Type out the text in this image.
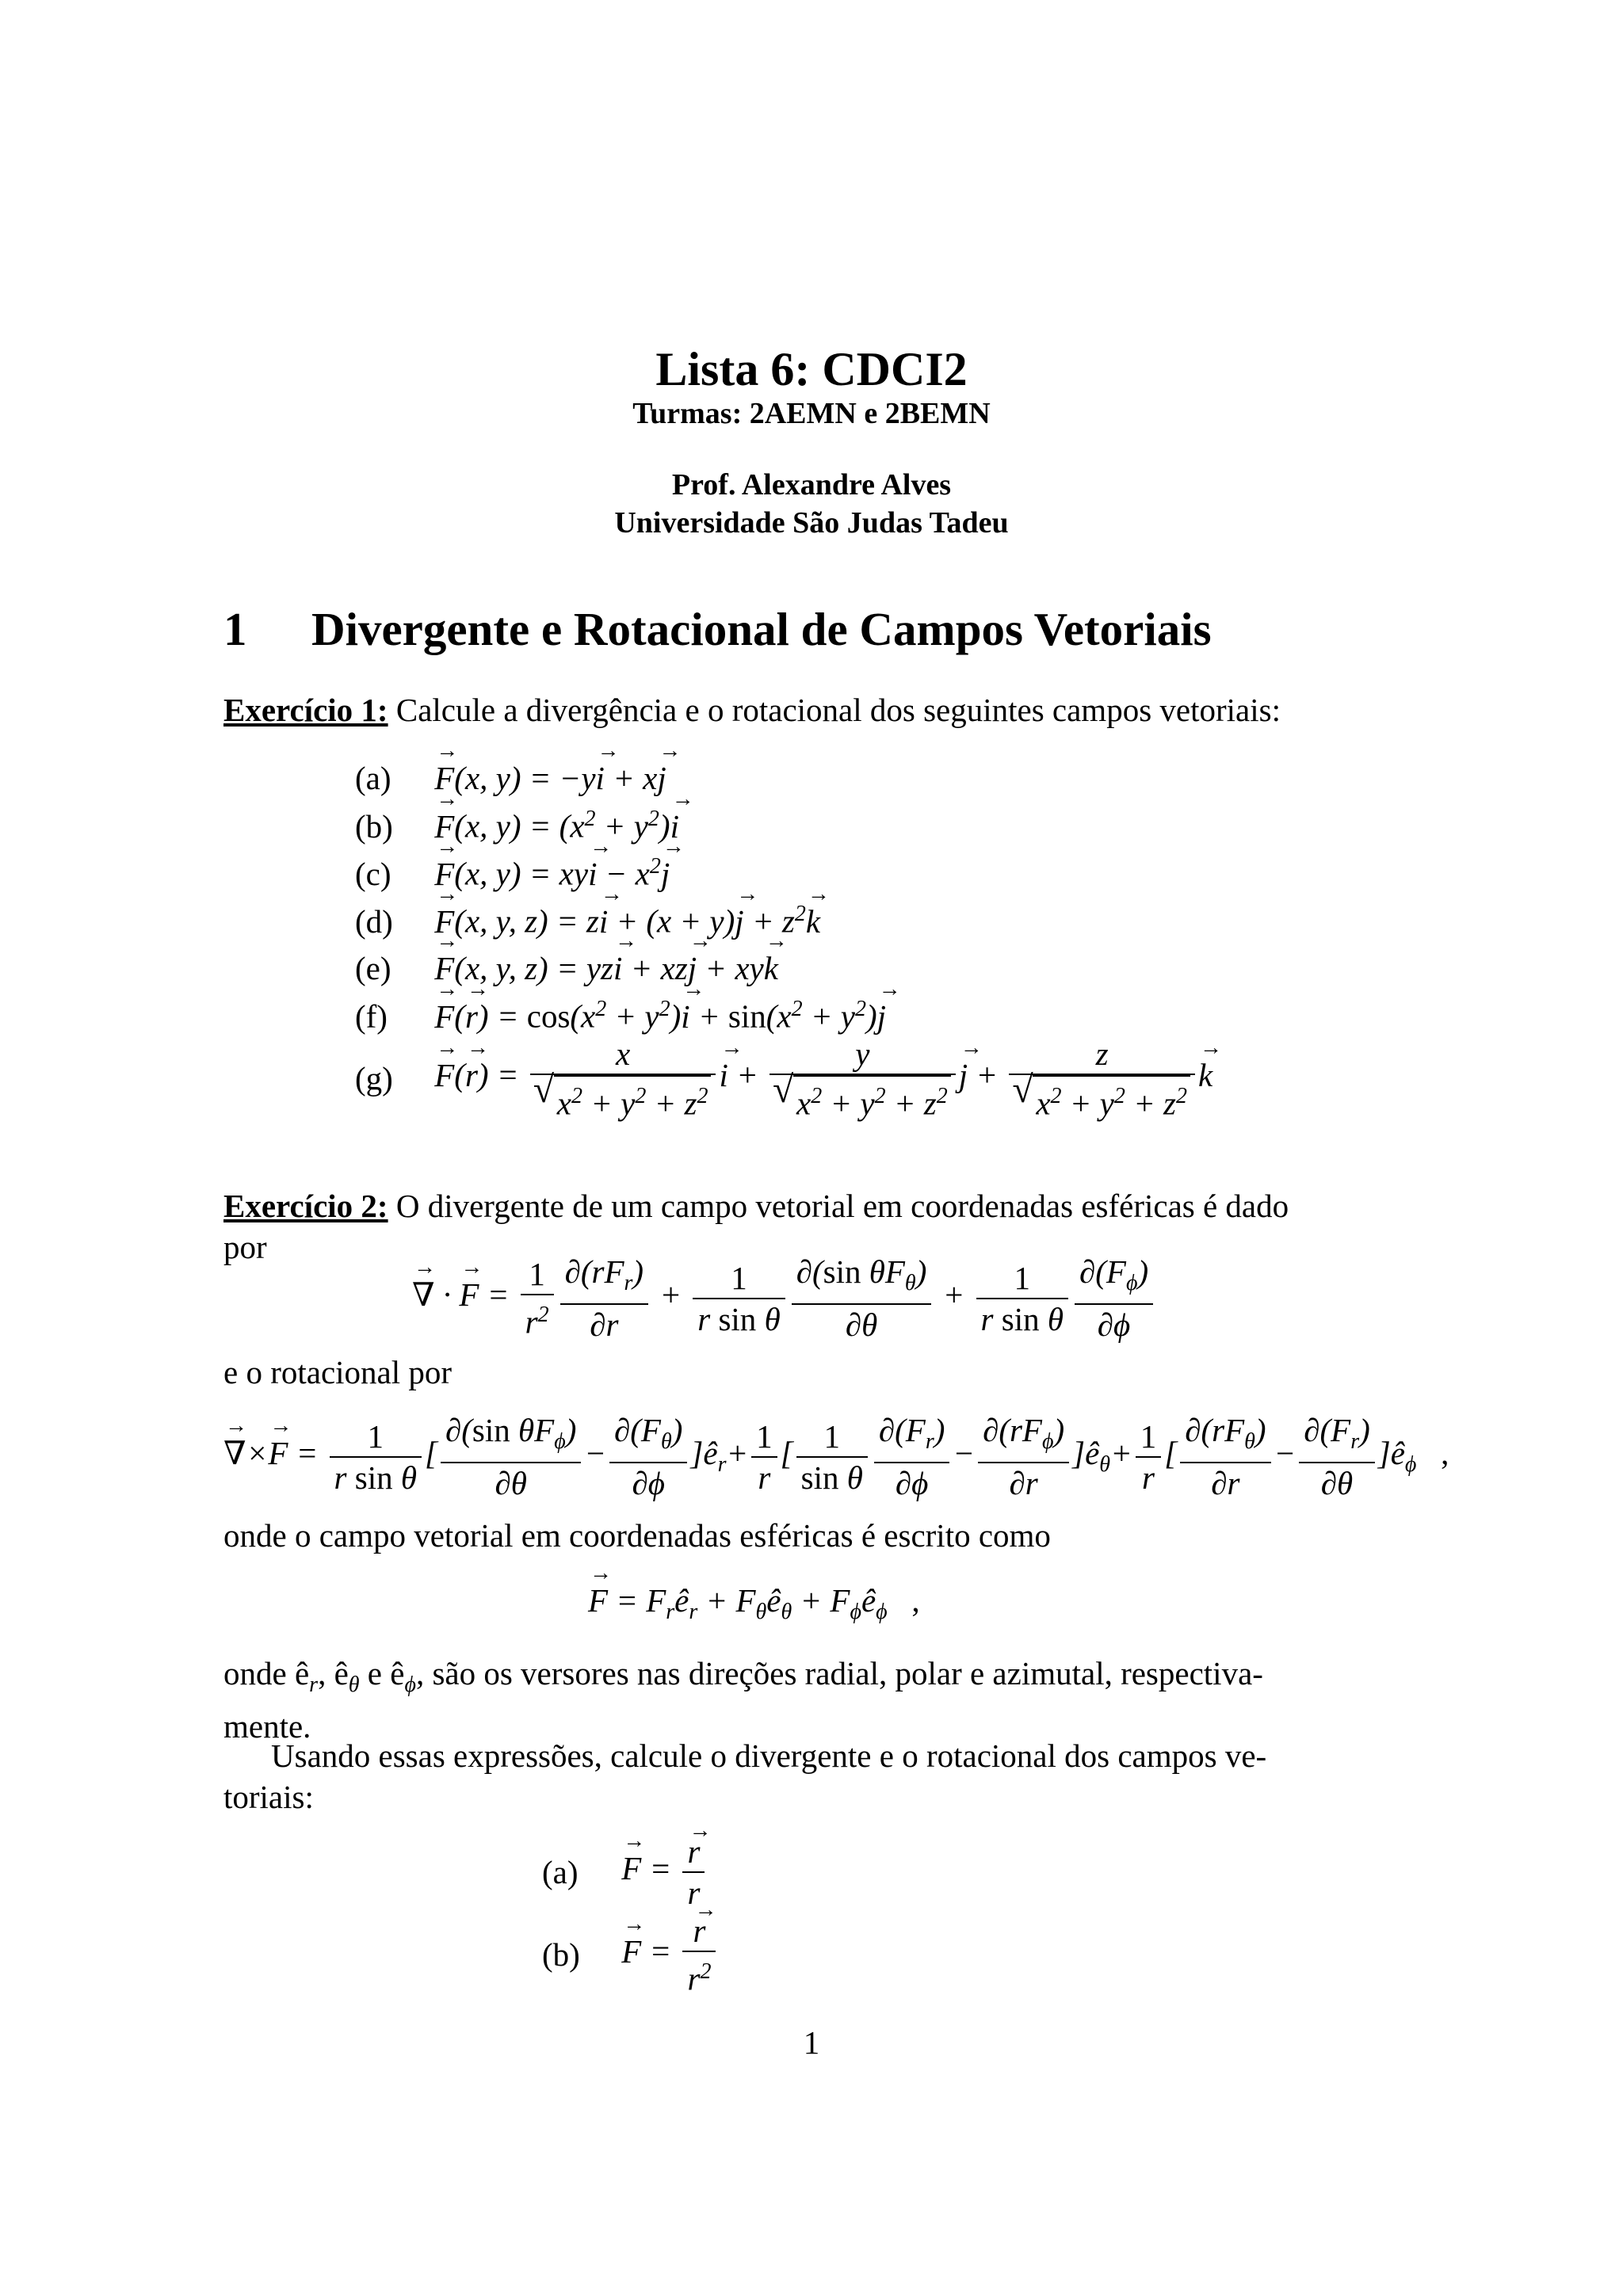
Lista 6: CDCI2
Turmas: 2AEMN e 2BEMN
Prof. Alexandre Alves
Universidade São Judas Tadeu
1 Divergente e Rotacional de Campos Vetoriais
Exercício 1: Calcule a divergência e o rotacional dos seguintes campos vetoriais:
(a) F →(x, y) = −yi → + xj →
(b) F →(x, $y) = (x^2 + y^2)i$ →
(c) F →(x, y) = xyi → − $x^2j$ →
(d) F →(x, y, z) = zi → + (x + y)j → + $z^2k$ →
(e) F →(x, y, z) = yzi → + xzj → + xyk →
(f) F →(r →) = $\cos(x^2 + y^2)i$ → + $\sin(x^2 + y^2)j$ →
(g) F →(r →) = x
√ $x^2 + y^2 + z^2$ i → + y
√ $x^2 + y^2 + z^2$ j → + z
√ $x^2 + y^2 + z^2$ k →
Exercício 2: O divergente de um campo vetorial em coordenadas esféricas é dado
por
∇ → · F → = $\frac{1}{r^2} \frac{\partial(rF_r)}{\partial r} + \frac{1}{\text{r sin θ}} \frac{\partial(\sin \theta F_\theta)}{\partial\theta} + \frac{1}{\text{r sin θ}} \frac{\partial(F_\phi)}{\partial\phi}$
e o rotacional por
∇ →×F → = $\frac{1}{\text{r sin θ}}$ [ $\frac{\partial(\sin \theta F_\phi)}{\partial\theta} - \frac{\partial(F_\theta)}{\partial\phi}$ ]$ê_r+ \frac{1}{r}$ [ $\frac{1}{\text{sin θ}} \frac{\partial(F_r)}{\partial\phi} - \frac{\partial(rF_\phi)}{\partial r}$ ]$ê_\theta+ \frac{1}{r}$ [ $\frac{\partial(rF_\theta)}{\partial r} - \frac{\partial(F_r)}{\partial\theta}$ ]$ê_\phi$   ,
onde o campo vetorial em coordenadas esféricas é escrito como
F → = $F_rê_r$ + $F_\theta ê_\theta$ + $F_\phi ê_\phi$   ,
onde $ê_r$, $ê_\theta$ e $ê_\phi$, são os versores nas direções radial, polar e azimutal, respectiva-
mente.
Usando essas expressões, calcule o divergente e o rotacional dos campos ve-
toriais:
(a) F → = $\frac{r \to}{r}$
(b) F → = $\frac{r \to}{r^2}$
1
